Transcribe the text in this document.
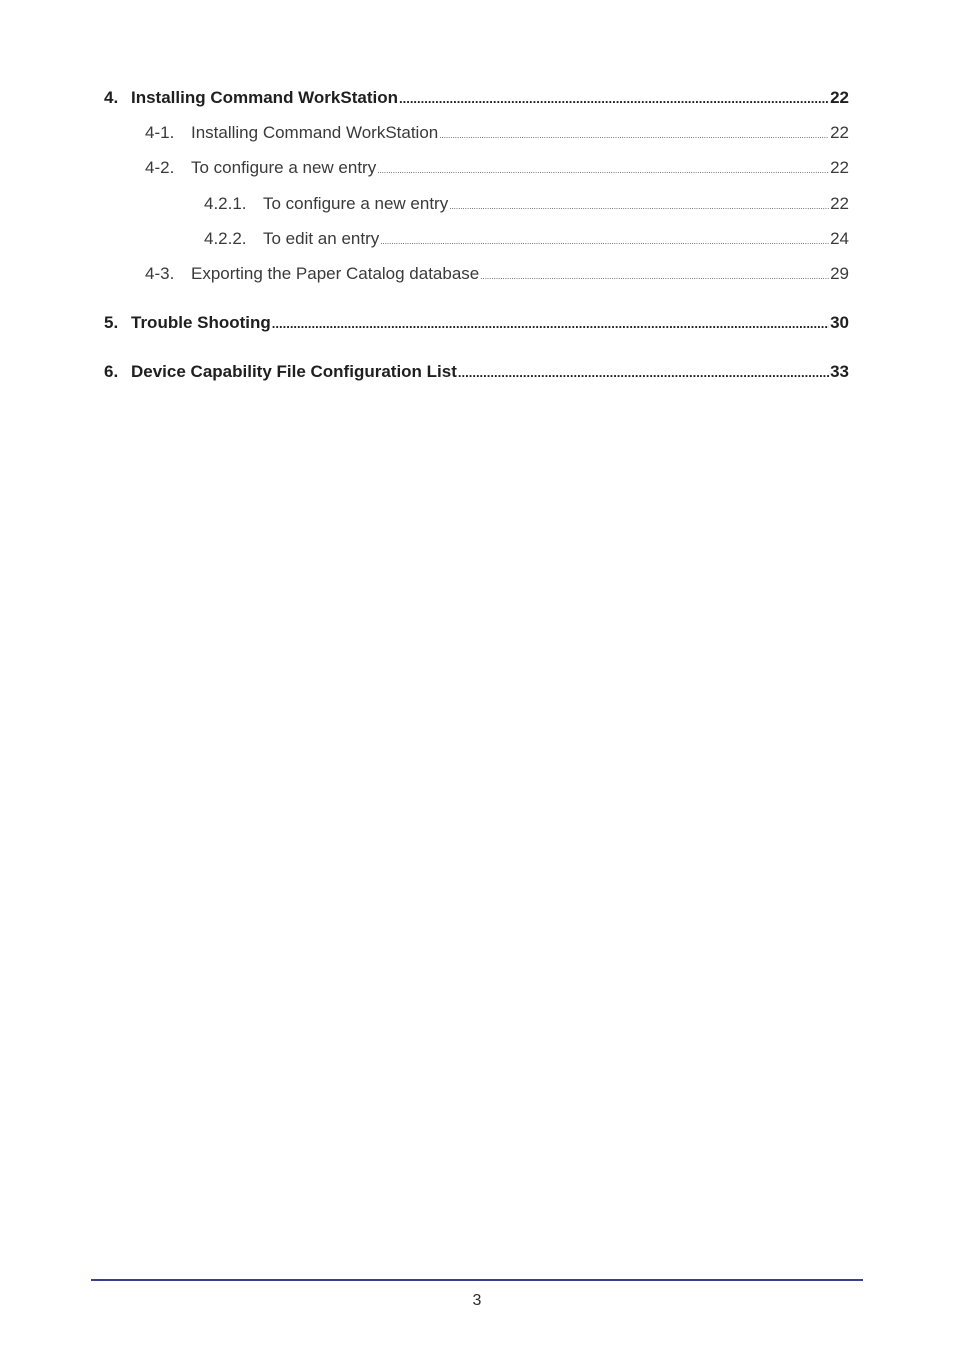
4. Installing Command WorkStation .....	22
4-1. Installing Command WorkStation .....	22
4-2. To configure a new entry .....	22
4.2.1. To configure a new entry .....	22
4.2.2. To edit an entry .....	24
4-3. Exporting the Paper Catalog database .....	29
5. Trouble Shooting .....	30
6. Device Capability File Configuration List .....	33
3
